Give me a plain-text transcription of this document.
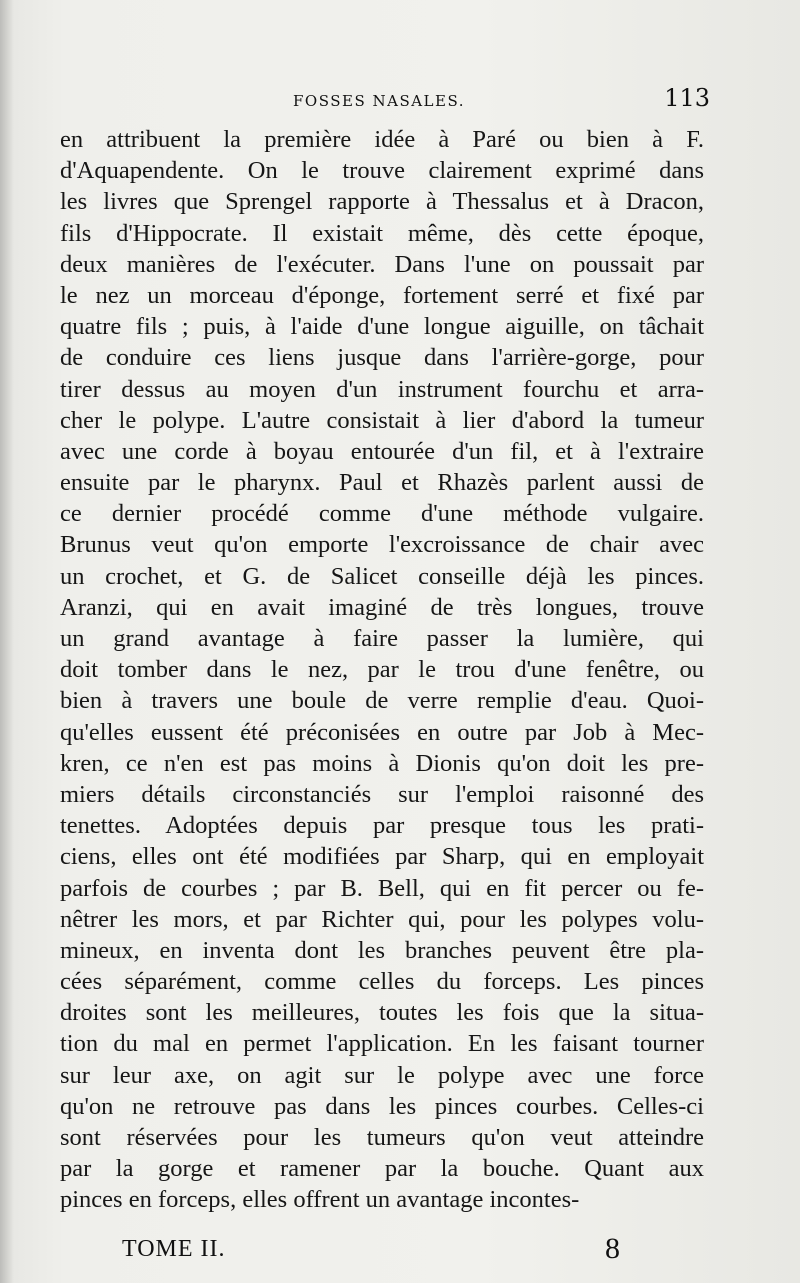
FOSSES NASALES.	113
en attribuent la première idée à Paré ou bien à F.
d'Aquapendente. On le trouve clairement exprimé dans
les livres que Sprengel rapporte à Thessalus et à Dracon,
fils d'Hippocrate. Il existait même, dès cette époque,
deux manières de l'exécuter. Dans l'une on poussait par
le nez un morceau d'éponge, fortement serré et fixé par
quatre fils ; puis, à l'aide d'une longue aiguille, on tâchait
de conduire ces liens jusque dans l'arrière-gorge, pour
tirer dessus au moyen d'un instrument fourchu et arra-
cher le polype. L'autre consistait à lier d'abord la tumeur
avec une corde à boyau entourée d'un fil, et à l'extraire
ensuite par le pharynx. Paul et Rhazès parlent aussi de
ce dernier procédé comme d'une méthode vulgaire.
Brunus veut qu'on emporte l'excroissance de chair avec
un crochet, et G. de Salicet conseille déjà les pinces.
Aranzi, qui en avait imaginé de très longues, trouve
un grand avantage à faire passer la lumière, qui
doit tomber dans le nez, par le trou d'une fenêtre, ou
bien à travers une boule de verre remplie d'eau. Quoi-
qu'elles eussent été préconisées en outre par Job à Mec-
kren, ce n'en est pas moins à Dionis qu'on doit les pre-
miers détails circonstanciés sur l'emploi raisonné des
tenettes. Adoptées depuis par presque tous les prati-
ciens, elles ont été modifiées par Sharp, qui en employait
parfois de courbes ; par B. Bell, qui en fit percer ou fe-
nêtrer les mors, et par Richter qui, pour les polypes volu-
mineux, en inventa dont les branches peuvent être pla-
cées séparément, comme celles du forceps. Les pinces
droites sont les meilleures, toutes les fois que la situa-
tion du mal en permet l'application. En les faisant tourner
sur leur axe, on agit sur le polype avec une force
qu'on ne retrouve pas dans les pinces courbes. Celles-ci
sont réservées pour les tumeurs qu'on veut atteindre
par la gorge et ramener par la bouche. Quant aux
pinces en forceps, elles offrent un avantage incontes-
TOME II.	8
